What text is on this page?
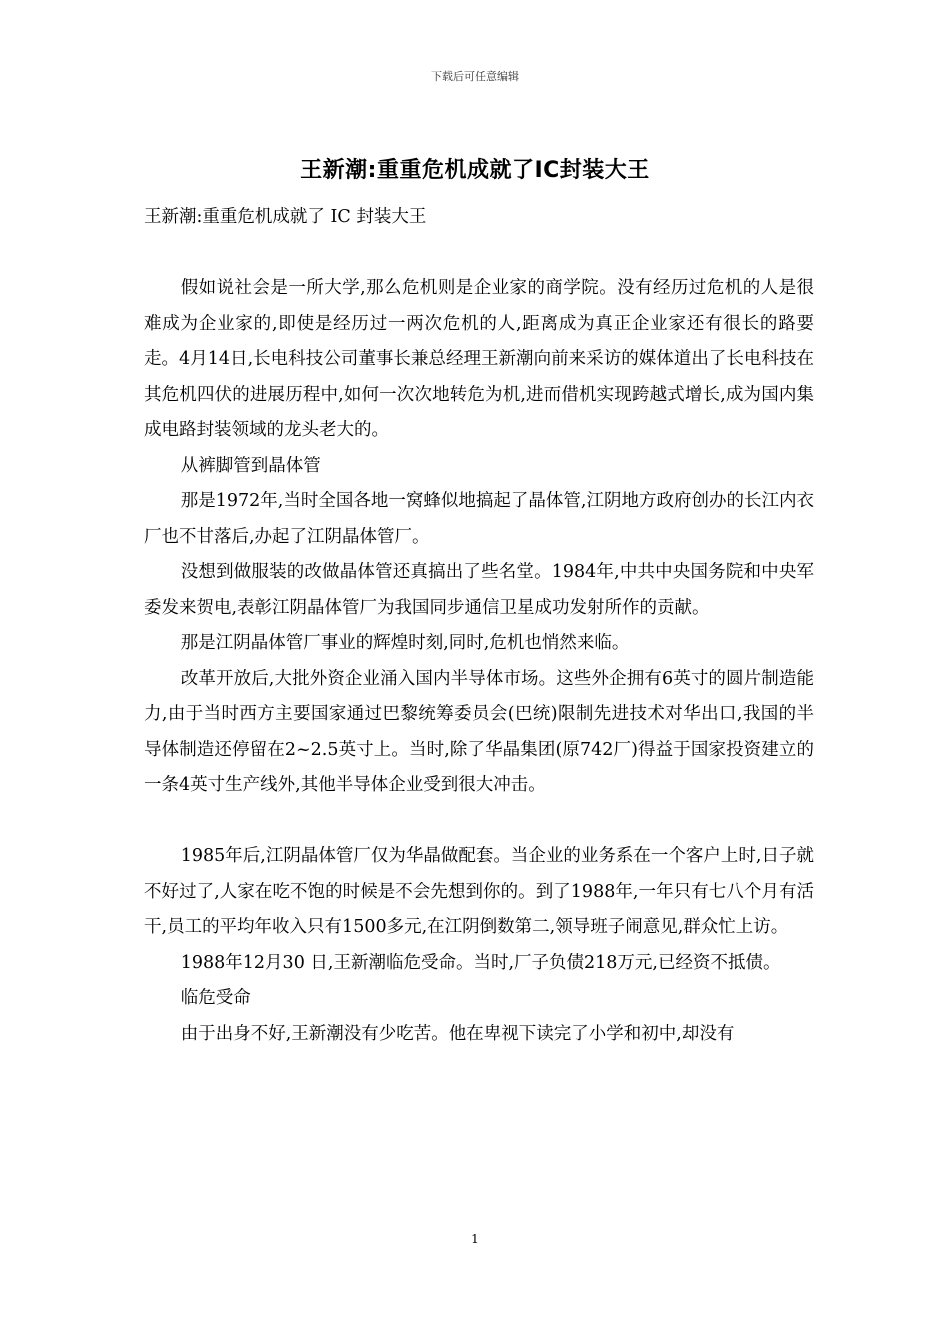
下载后可任意编辑
王新潮:重重危机成就了IC封装大王

王新潮:重重危机成就了 IC 封装大王

假如说社会是一所大学,那么危机则是企业家的商学院。没有经历过危机的人是很难成为企业家的,即使是经历过一两次危机的人,距离成为真正企业家还有很长的路要走。4月14日,长电科技公司董事长兼总经理王新潮向前来采访的媒体道出了长电科技在其危机四伏的进展历程中,如何一次次地转危为机,进而借机实现跨越式增长,成为国内集成电路封装领域的龙头老大的。

从裤脚管到晶体管

那是1972年,当时全国各地一窝蜂似地搞起了晶体管,江阴地方政府创办的长江内衣厂也不甘落后,办起了江阴晶体管厂。

没想到做服装的改做晶体管还真搞出了些名堂。1984年,中共中央国务院和中央军委发来贺电,表彰江阴晶体管厂为我国同步通信卫星成功发射所作的贡献。

那是江阴晶体管厂事业的辉煌时刻,同时,危机也悄然来临。

改革开放后,大批外资企业涌入国内半导体市场。这些外企拥有6英寸的圆片制造能力,由于当时西方主要国家通过巴黎统筹委员会(巴统)限制先进技术对华出口,我国的半导体制造还停留在2~2.5英寸上。当时,除了华晶集团(原742厂)得益于国家投资建立的一条4英寸生产线外,其他半导体企业受到很大冲击。

1985年后,江阴晶体管厂仅为华晶做配套。当企业的业务系在一个客户上时,日子就不好过了,人家在吃不饱的时候是不会先想到你的。到了1988年,一年只有七八个月有活干,员工的平均年收入只有1500多元,在江阴倒数第二,领导班子闹意见,群众忙上访。

1988年12月30 日,王新潮临危受命。当时,厂子负债218万元,已经资不抵债。

临危受命

由于出身不好,王新潮没有少吃苦。他在卑视下读完了小学和初中,却没有

1
